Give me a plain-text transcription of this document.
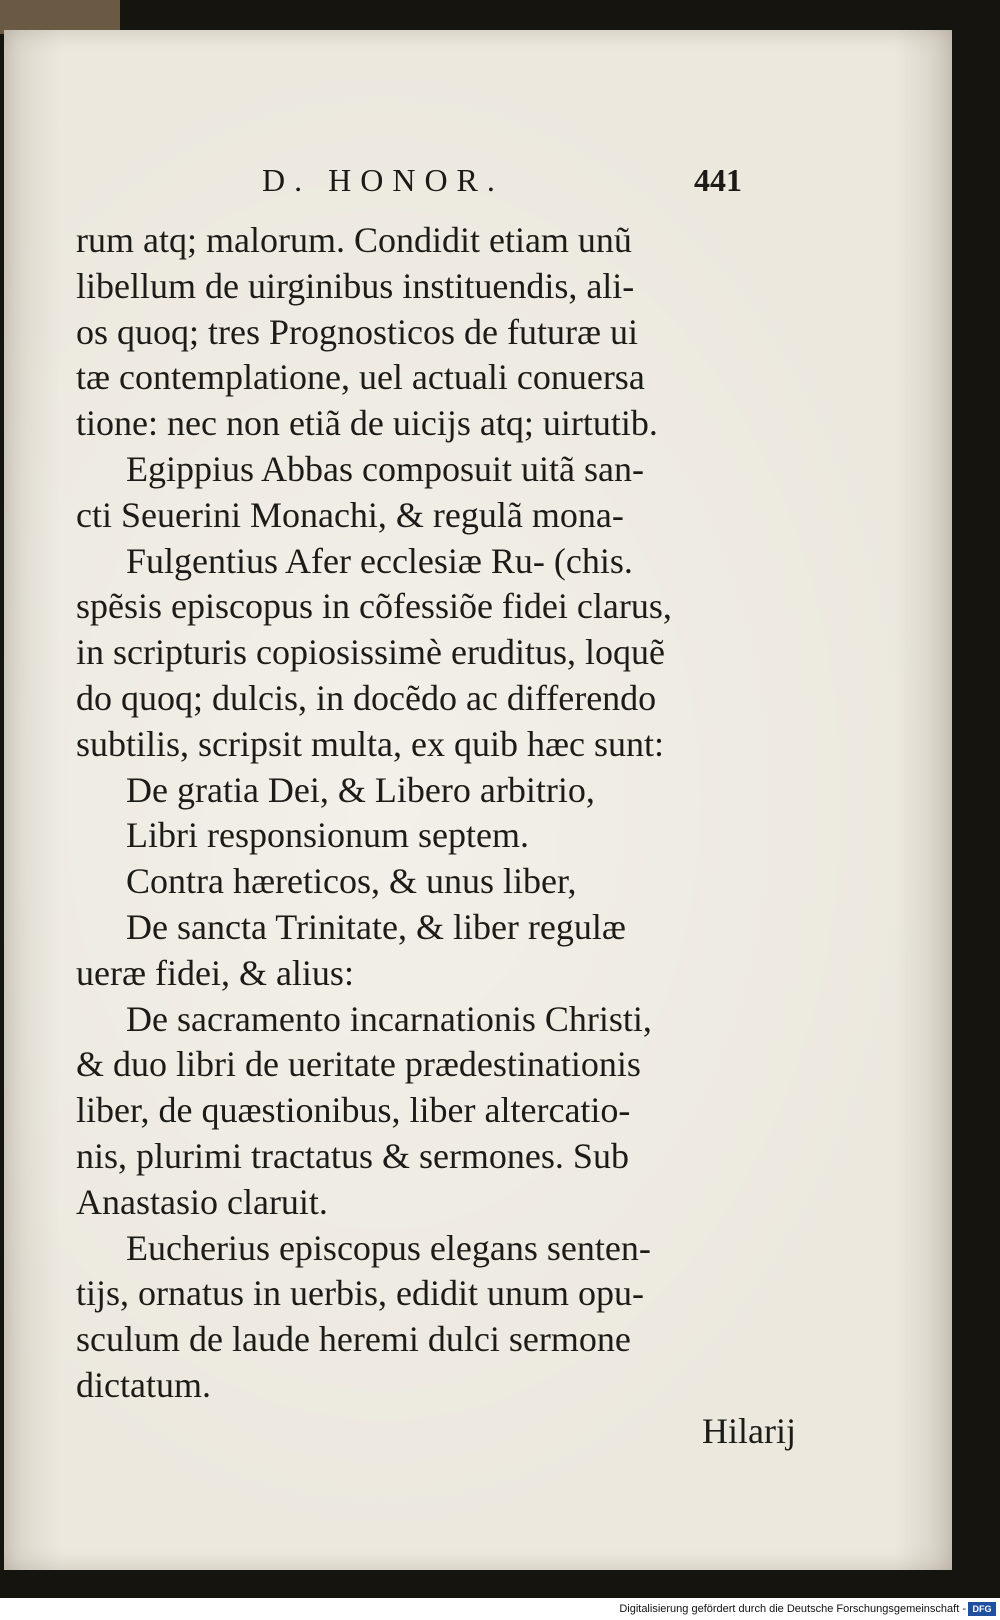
D. HONOR.	441
rum atq; malorum. Condidit etiam unũ
libellum de uirginibus instituendis, ali-
os quoq; tres Prognosticos de futuræ ui
tæ contemplatione, uel actuali conuersa
tione: nec non etiã de uicijs atq; uirtutib.
Egippius Abbas composuit uitã san-
cti Seuerini Monachi, & regulã mona-
Fulgentius Afer ecclesiæ Ru- (chis.
spẽsis episcopus in cõfessiõe fidei clarus,
in scripturis copiosissimè eruditus, loquẽ
do quoq; dulcis, in docẽdo ac differendo
subtilis, scripsit multa, ex quib hæc sunt:
De gratia Dei, & Libero arbitrio,
Libri responsionum septem.
Contra hæreticos, & unus liber,
De sancta Trinitate, & liber regulæ
ueræ fidei, & alius:
De sacramento incarnationis Christi,
& duo libri de ueritate prædestinationis
liber, de quæstionibus, liber altercatio-
nis, plurimi tractatus & sermones. Sub
Anastasio claruit.
Eucherius episcopus elegans senten-
tijs, ornatus in uerbis, edidit unum opu-
sculum de laude heremi dulci sermone
dictatum.
Hilarij
Digitalisierung gefördert durch die Deutsche Forschungsgemeinschaft - DFG
